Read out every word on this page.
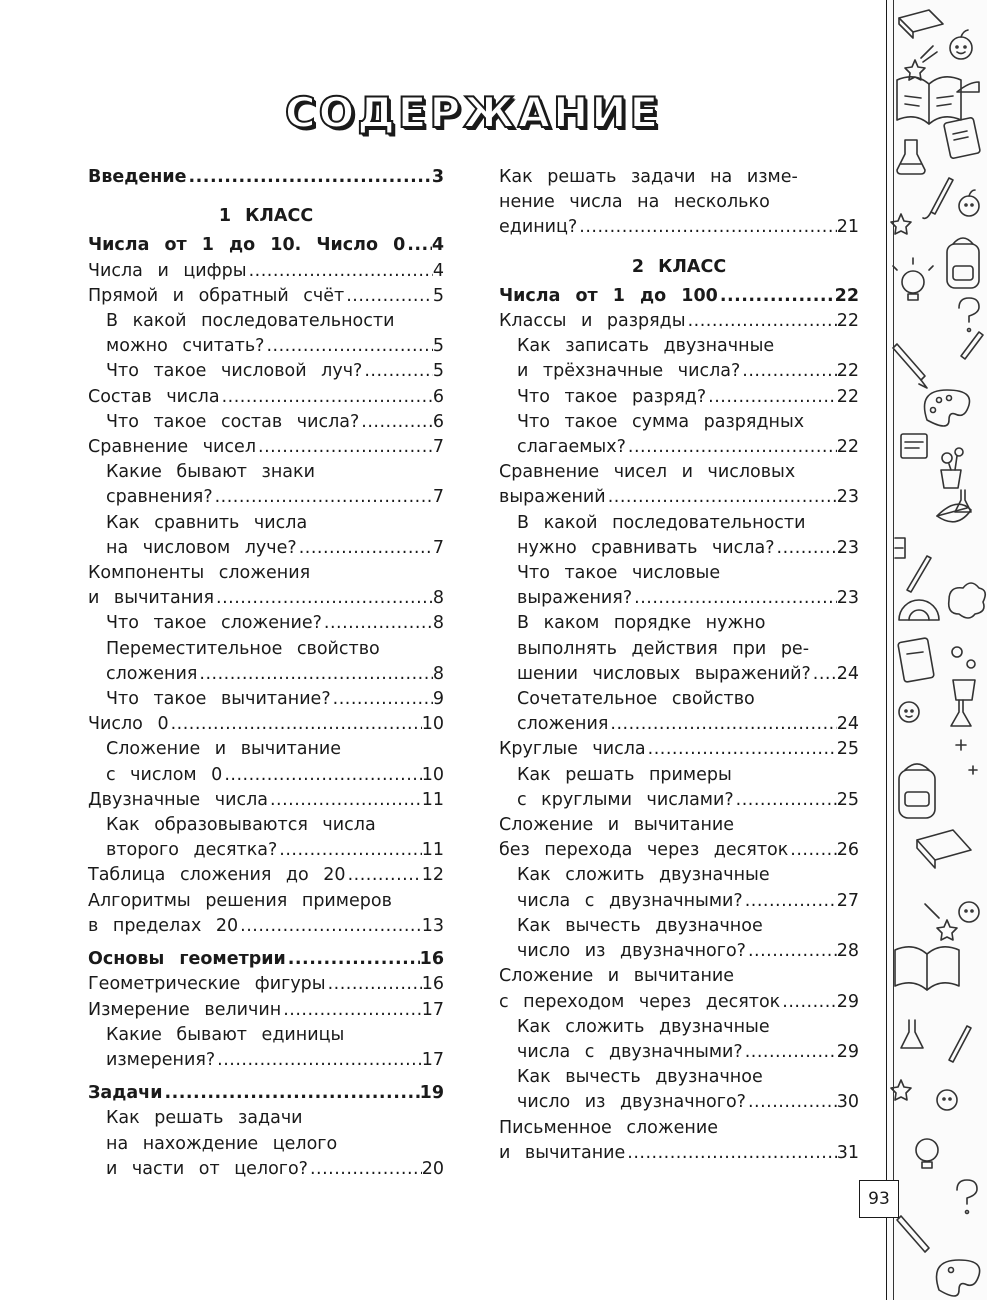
СОДЕРЖАНИЕ
Введение .....	3
1 КЛАСС
Числа от 1 до 10. Число 0 ..... 4
Числа и цифры .....	4
Прямой и обратный счёт .....	5
В какой последовательности
можно считать? .....	5
Что такое числовой луч? .....	5
Состав числа .....	6
Что такое состав числа? .....	6
Сравнение чисел .....	7
Какие бывают знаки
сравнения? .....	7
Как сравнить числа
на числовом луче? .....	7
Компоненты сложения
и вычитания .....	8
Что такое сложение? .....	8
Переместительное свойство
сложения .....	8
Что такое вычитание? .....	9
Число 0 .....	10
Сложение и вычитание
с числом 0 .....	10
Двузначные числа .....	11
Как образовываются числа
второго десятка? .....	11
Таблица сложения до 20 .....	12
Алгоритмы решения примеров
в пределах 20 .....	13
Основы геометрии .....	16
Геометрические фигуры .....	16
Измерение величин .....	17
Какие бывают единицы
измерения? .....	17
Задачи .....	19
Как решать задачи
на нахождение целого
и части от целого? .....	20
Как решать задачи на изме-
нение числа на несколько
единиц? .....	21
2 КЛАСС
Числа от 1 до 100 .....	22
Классы и разряды .....	22
Как записать двузначные
и трёхзначные числа? .....	22
Что такое разряд? .....	22
Что такое сумма разрядных
слагаемых? .....	22
Сравнение чисел и числовых
выражений .....	23
В какой последовательности
нужно сравнивать числа? .....	23
Что такое числовые
выражения? .....	23
В каком порядке нужно
выполнять действия при ре-
шении числовых выражений? ..... 24
Сочетательное свойство
сложения .....	24
Круглые числа .....	25
Как решать примеры
с круглыми числами? .....	25
Сложение и вычитание
без перехода через десяток .....	26
Как сложить двузначные
числа с двузначными? .....	27
Как вычесть двузначное
число из двузначного? .....	28
Сложение и вычитание
с переходом через десяток .....	29
Как сложить двузначные
числа с двузначными? .....	29
Как вычесть двузначное
число из двузначного? .....	30
Письменное сложение
и вычитание .....	31
93
